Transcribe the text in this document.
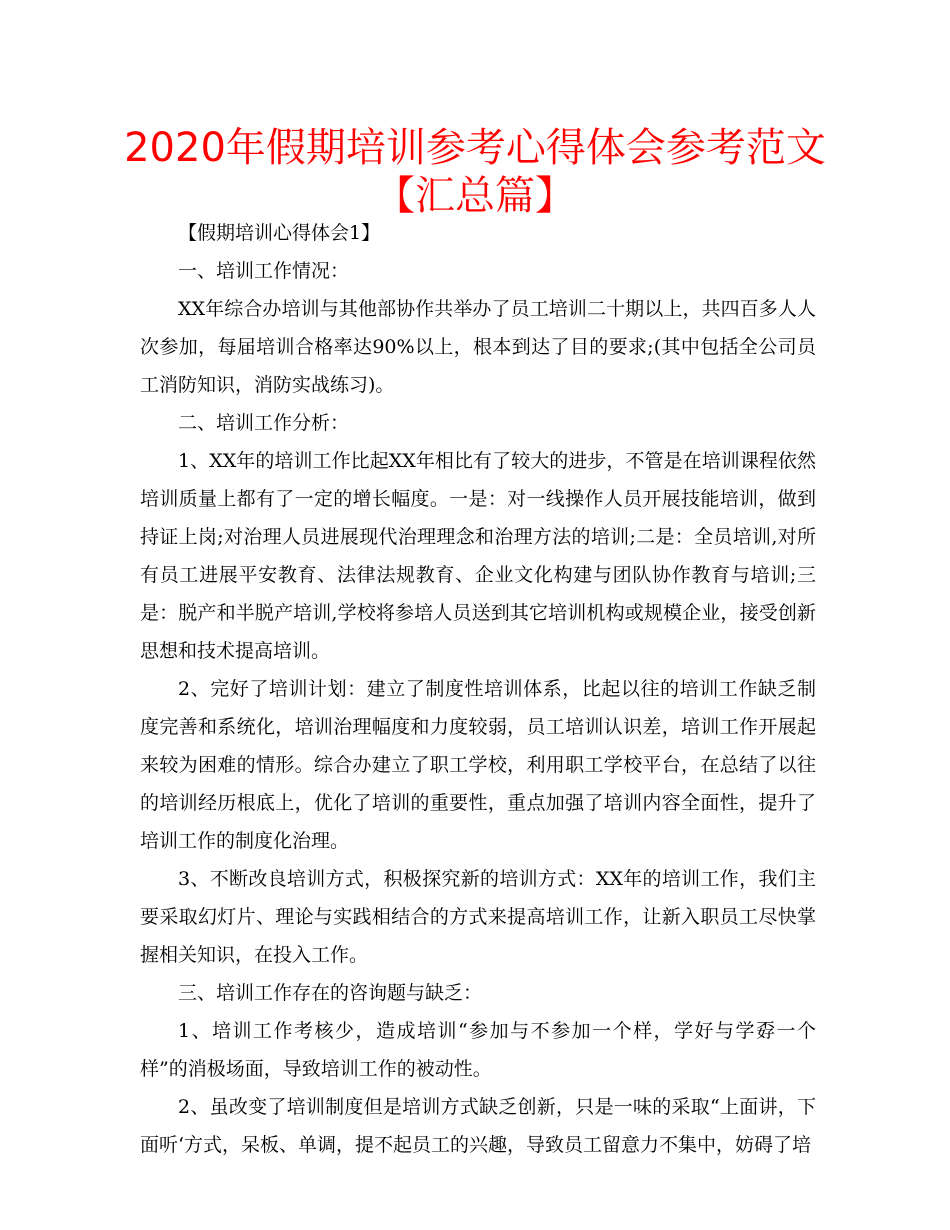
2020年假期培训参考心得体会参考范文
【汇总篇】

【假期培训心得体会1】

一、培训工作情况：

XX年综合办培训与其他部协作共举办了员工培训二十期以上，共四百多人人次参加，每届培训合格率达90%以上，根本到达了目的要求;(其中包括全公司员工消防知识，消防实战练习)。

二、培训工作分析：

1、XX年的培训工作比起XX年相比有了较大的进步，不管是在培训课程依然培训质量上都有了一定的增长幅度。一是：对一线操作人员开展技能培训，做到持证上岗;对治理人员进展现代治理理念和治理方法的培训;二是：全员培训,对所有员工进展平安教育、法律法规教育、企业文化构建与团队协作教育与培训;三是：脱产和半脱产培训,学校将参培人员送到其它培训机构或规模企业，接受创新思想和技术提高培训。

2、完好了培训计划：建立了制度性培训体系，比起以往的培训工作缺乏制度完善和系统化，培训治理幅度和力度较弱，员工培训认识差，培训工作开展起来较为困难的情形。综合办建立了职工学校，利用职工学校平台，在总结了以往的培训经历根底上，优化了培训的重要性，重点加强了培训内容全面性，提升了培训工作的制度化治理。

3、不断改良培训方式，积极探究新的培训方式：XX年的培训工作，我们主要采取幻灯片、理论与实践相结合的方式来提高培训工作，让新入职员工尽快掌握相关知识，在投入工作。

三、培训工作存在的咨询题与缺乏：

1、培训工作考核少，造成培训“参加与不参加一个样，学好与学孬一个样”的消极场面，导致培训工作的被动性。

2、虽改变了培训制度但是培训方式缺乏创新，只是一味的采取“上面讲，下面听‘方式，呆板、单调，提不起员工的兴趣，导致员工留意力不集中，妨碍了培
